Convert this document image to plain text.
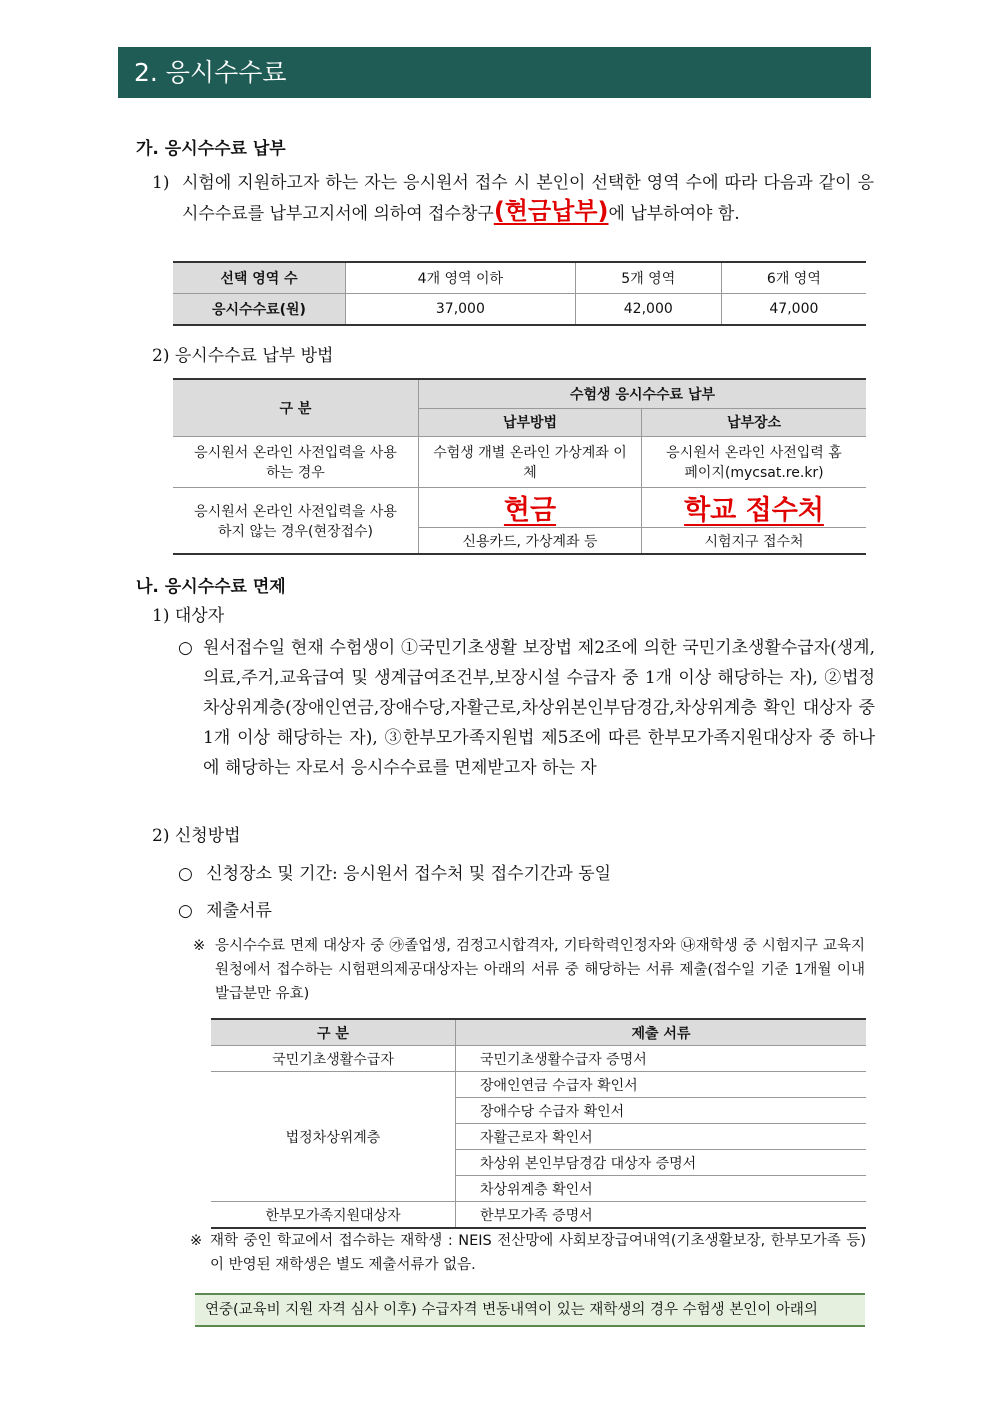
2. 응시수수료
가. 응시수수료 납부
1) 시험에 지원하고자 하는 자는 응시원서 접수 시 본인이 선택한 영역 수에 따라 다음과 같이 응시수수료를 납부고지서에 의하여 접수창구(현금납부)에 납부하여야 함.
선택 영역 수	4개 영역 이하	5개 영역	6개 영역
응시수수료(원)	37,000	42,000	47,000
2) 응시수수료 납부 방법
구 분	수험생 응시수수료 납부	
	납부방법	납부장소
응시원서 온라인 사전입력을 사용하는 경우	수험생 개별 온라인 가상계좌 이체	응시원서 온라인 사전입력 홈페이지(mycsat.re.kr)
응시원서 온라인 사전입력을 사용하지 않는 경우(현장접수)	현금	학교 접수처
	신용카드, 가상계좌 등	시험지구 접수처
나. 응시수수료 면제
1) 대상자
○ 원서접수일 현재 수험생이 ①국민기초생활 보장법 제2조에 의한 국민기초생활수급자(생계,의료,주거,교육급여 및 생계급여조건부,보장시설 수급자 중 1개 이상 해당하는 자), ②법정차상위계층(장애인연금,장애수당,자활근로,차상위본인부담경감,차상위계층 확인 대상자 중 1개 이상 해당하는 자), ③한부모가족지원법 제5조에 따른 한부모가족지원대상자 중 하나에 해당하는 자로서 응시수수료를 면제받고자 하는 자
2) 신청방법
○ 신청장소 및 기간: 응시원서 접수처 및 접수기간과 동일
○ 제출서류
※ 응시수수료 면제 대상자 중 ㉮졸업생, 검정고시합격자, 기타학력인정자와 ㉯재학생 중 시험지구 교육지원청에서 접수하는 시험편의제공대상자는 아래의 서류 중 해당하는 서류 제출(접수일 기준 1개월 이내 발급분만 유효)
구 분	제출 서류
국민기초생활수급자	국민기초생활수급자 증명서
법정차상위계층	장애인연금 수급자 확인서
	장애수당 수급자 확인서
	자활근로자 확인서
	차상위 본인부담경감 대상자 증명서
	차상위계층 확인서
한부모가족지원대상자	한부모가족 증명서
※ 재학 중인 학교에서 접수하는 재학생 : NEIS 전산망에 사회보장급여내역(기초생활보장, 한부모가족 등)이 반영된 재학생은 별도 제출서류가 없음.
연중(교육비 지원 자격 심사 이후) 수급자격 변동내역이 있는 재학생의 경우 수험생 본인이 아래의
